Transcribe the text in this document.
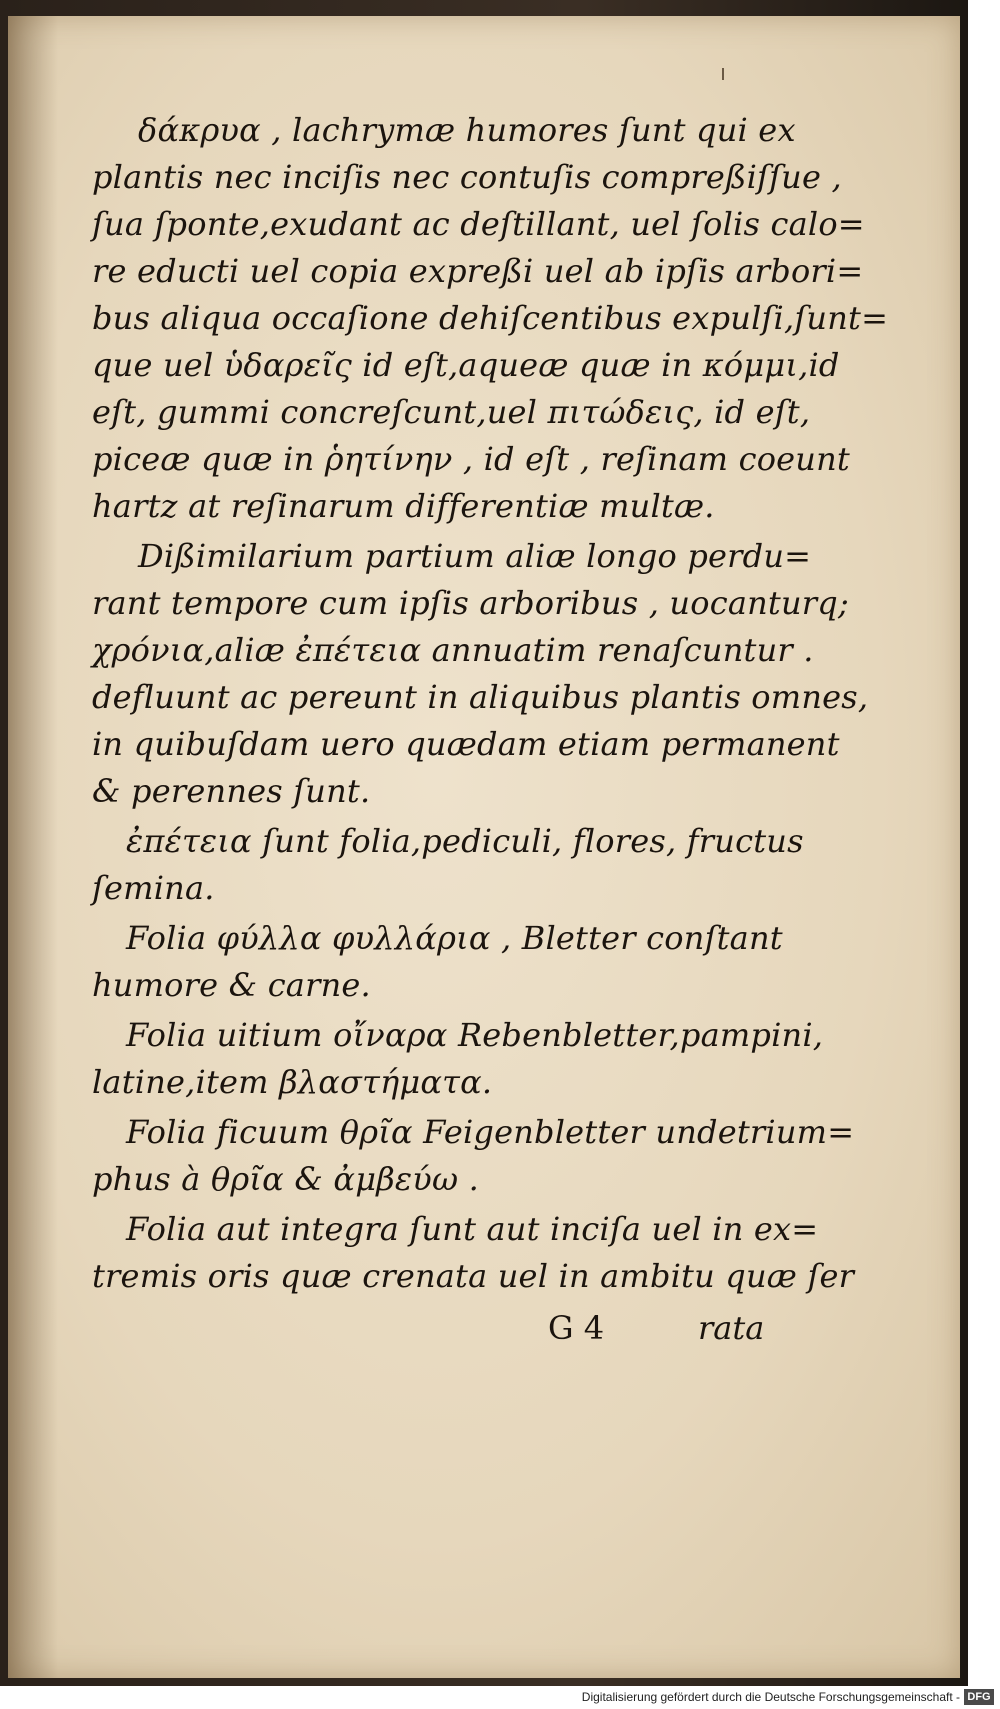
δάκρυα , lachrymæ humores ſunt qui ex
plantis nec inciſis nec contuſis compreßiſſue ,
ſua ſponte,exudant ac deſtillant, uel ſolis calo=
re educti uel copia expreßi uel ab ipſis arbori=
bus aliqua occaſione dehiſcentibus expulſi,ſunt=
que uel ὑδαρεῖς id eſt,aqueæ quæ in κόμμι,id
eſt, gummi concreſcunt,uel πιτώδεις, id eſt,
piceæ quæ in ῥητίνην , id eſt , reſinam coeunt
hartz at reſinarum differentiæ multæ.
Dißimilarium partium aliæ longo perdu=
rant tempore cum ipſis arboribus , uocanturq;
χρόνια,aliæ ἐπέτεια annuatim renaſcuntur .
defluunt ac pereunt in aliquibus plantis omnes,
in quibuſdam uero quædam etiam permanent
& perennes ſunt.
ἐπέτεια ſunt folia,pediculi, flores, fructus
ſemina.
Folia φύλλα φυλλάρια , Bletter conſtant
humore & carne.
Folia uitium οἴναρα Rebenbletter,pampini,
latine,item βλαστήματα.
Folia ficuum θρῖα Feigenbletter undetrium=
phus à θρῖα & ἀμβεύω .
Folia aut integra ſunt aut inciſa uel in ex=
tremis oris quæ crenata uel in ambitu quæ ſer
G 4	rata
Digitalisierung gefördert durch die Deutsche Forschungsgemeinschaft - DFG
